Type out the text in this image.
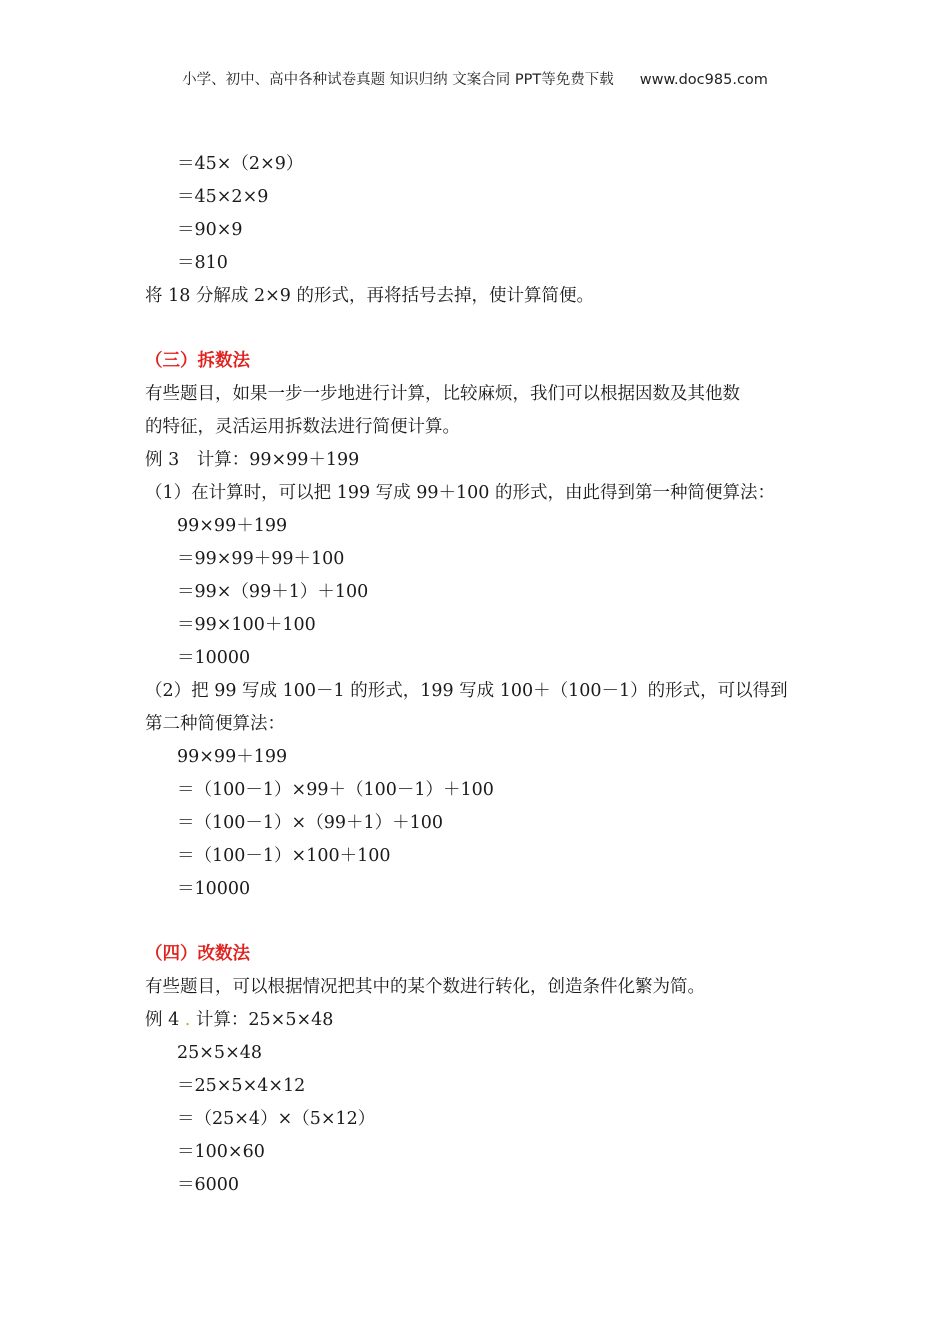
小学、初中、高中各种试卷真题 知识归纳 文案合同 PPT等免费下载 www.doc985.com
＝45×（2×9）
＝45×2×9
＝90×9
＝810
将 18 分解成 2×9 的形式，再将括号去掉，使计算简便。
（三）拆数法
有些题目，如果一步一步地进行计算，比较麻烦，我们可以根据因数及其他数
的特征，灵活运用拆数法进行简便计算。
例 3　计算：99×99＋199
（1）在计算时，可以把 199 写成 99＋100 的形式，由此得到第一种简便算法：
99×99＋199
＝99×99＋99＋100
＝99×（99＋1）＋100
＝99×100＋100
＝10000
（2）把 99 写成 100－1 的形式，199 写成 100＋（100－1）的形式，可以得到
第二种简便算法：
99×99＋199
＝（100－1）×99＋（100－1）＋100
＝（100－1）×（99＋1）＋100
＝（100－1）×100＋100
＝10000
（四）改数法
有些题目，可以根据情况把其中的某个数进行转化，创造条件化繁为简。
例 4 . 计算：25×5×48
25×5×48
＝25×5×4×12
＝（25×4）×（5×12）
＝100×60
＝6000
